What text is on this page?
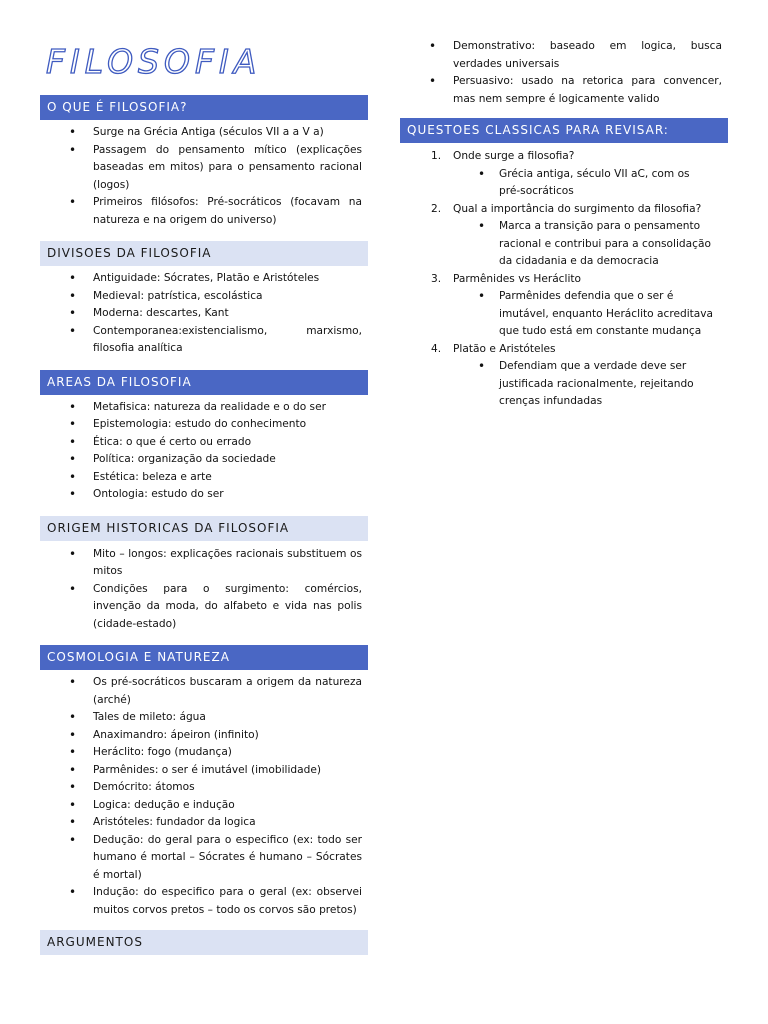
FILOSOFIA
O QUE É FILOSOFIA?
• Surge na Grécia Antiga (séculos VII a a V a)
• Passagem do pensamento mítico (explicações baseadas em mitos) para o pensamento racional (logos)
• Primeiros filósofos: Pré-socráticos (focavam na natureza e na origem do universo)
DIVISOES DA FILOSOFIA
• Antiguidade: Sócrates, Platão e Aristóteles
• Medieval: patrística, escolástica
• Moderna: descartes, Kant
• Contemporanea:existencialismo, marxismo, filosofia analítica
AREAS DA FILOSOFIA
• Metafisica: natureza da realidade e o do ser
• Epistemologia: estudo do conhecimento
• Ética: o que é certo ou errado
• Política: organização da sociedade
• Estética: beleza e arte
• Ontologia: estudo do ser
ORIGEM HISTORICAS DA FILOSOFIA
• Mito – longos: explicações racionais substituem os mitos
• Condições para o surgimento: comércios, invenção da moda, do alfabeto e vida nas polis (cidade-estado)
COSMOLOGIA E NATUREZA
• Os pré-socráticos buscaram a origem da natureza (arché)
• Tales de mileto: água
• Anaximandro: ápeiron (infinito)
• Heráclito: fogo (mudança)
• Parmênides: o ser é imutável (imobilidade)
• Demócrito: átomos
• Logica: dedução e indução
• Aristóteles: fundador da logica
• Dedução: do geral para o especifico (ex: todo ser humano é mortal – Sócrates é humano – Sócrates é mortal)
• Indução: do especifico para o geral (ex: observei muitos corvos pretos – todo os corvos são pretos)
ARGUMENTOS
• Demonstrativo: baseado em logica, busca verdades universais
• Persuasivo: usado na retorica para convencer, mas nem sempre é logicamente valido
QUESTOES CLASSICAS PARA REVISAR:
1. Onde surge a filosofia?
• Grécia antiga, século VII aC, com os pré-socráticos
2. Qual a importância do surgimento da filosofia?
• Marca a transição para o pensamento racional e contribui para a consolidação da cidadania e da democracia
3. Parmênides vs Heráclito
• Parmênides defendia que o ser é imutável, enquanto Heráclito acreditava que tudo está em constante mudança
4. Platão e Aristóteles
• Defendiam que a verdade deve ser justificada racionalmente, rejeitando crenças infundadas
